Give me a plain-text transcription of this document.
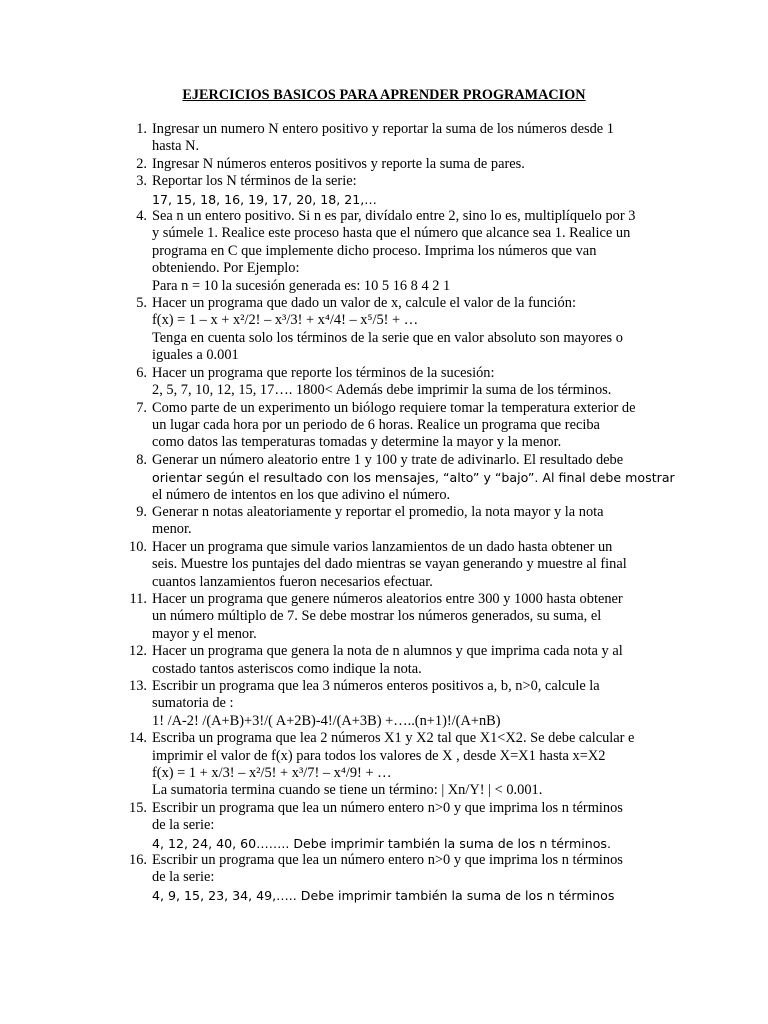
EJERCICIOS BASICOS PARA APRENDER PROGRAMACION
1. Ingresar un numero N entero positivo y reportar la suma de los números desde 1
hasta N.
2. Ingresar N números enteros positivos y reporte la suma de pares.
3. Reportar los N términos de la serie:
17, 15, 18, 16, 19, 17, 20, 18, 21,…
4. Sea n un entero positivo. Si n es par, divídalo entre 2, sino lo es, multiplíquelo por 3
y súmele 1. Realice este proceso hasta que el número que alcance sea 1. Realice un
programa en C que implemente dicho proceso. Imprima los números que van
obteniendo. Por Ejemplo:
Para n = 10 la sucesión generada es: 10 5 16 8 4 2 1
5. Hacer un programa que dado un valor de x, calcule el valor de la función:
f(x) = 1 – x + x²/2! – x³/3! + x⁴/4! – x⁵/5! + …
Tenga en cuenta solo los términos de la serie que en valor absoluto son mayores o
iguales a 0.001
6. Hacer un programa que reporte los términos de la sucesión:
2, 5, 7, 10, 12, 15, 17…. 1800< Además debe imprimir la suma de los términos.
7. Como parte de un experimento un biólogo requiere tomar la temperatura exterior de
un lugar cada hora por un periodo de 6 horas. Realice un programa que reciba
como datos las temperaturas tomadas y determine la mayor y la menor.
8. Generar un número aleatorio entre 1 y 100 y trate de adivinarlo. El resultado debe
orientar según el resultado con los mensajes, “alto” y “bajo”. Al final debe mostrar
el número de intentos en los que adivino el número.
9. Generar n notas aleatoriamente y reportar el promedio, la nota mayor y la nota
menor.
10. Hacer un programa que simule varios lanzamientos de un dado hasta obtener un
seis. Muestre los puntajes del dado mientras se vayan generando y muestre al final
cuantos lanzamientos fueron necesarios efectuar.
11. Hacer un programa que genere números aleatorios entre 300 y 1000 hasta obtener
un número múltiplo de 7. Se debe mostrar los números generados, su suma, el
mayor y el menor.
12. Hacer un programa que genera la nota de n alumnos y que imprima cada nota y al
costado tantos asteriscos como indique la nota.
13. Escribir un programa que lea 3 números enteros positivos a, b, n>0, calcule la
sumatoria de :
1! /A-2! /(A+B)+3!/( A+2B)-4!/(A+3B) +…..(n+1)!/(A+nB)
14. Escriba un programa que lea 2 números X1 y X2 tal que X1<X2. Se debe calcular e
imprimir el valor de f(x) para todos los valores de X , desde X=X1 hasta x=X2
f(x) = 1 + x/3! – x²/5! + x³/7! – x⁴/9! + …
La sumatoria termina cuando se tiene un término: | Xn/Y! | < 0.001.
15. Escribir un programa que lea un número entero n>0 y que imprima los n términos
de la serie:
4, 12, 24, 40, 60…….. Debe imprimir también la suma de los n términos.
16. Escribir un programa que lea un número entero n>0 y que imprima los n términos
de la serie:
4, 9, 15, 23, 34, 49,….. Debe imprimir también la suma de los n términos
